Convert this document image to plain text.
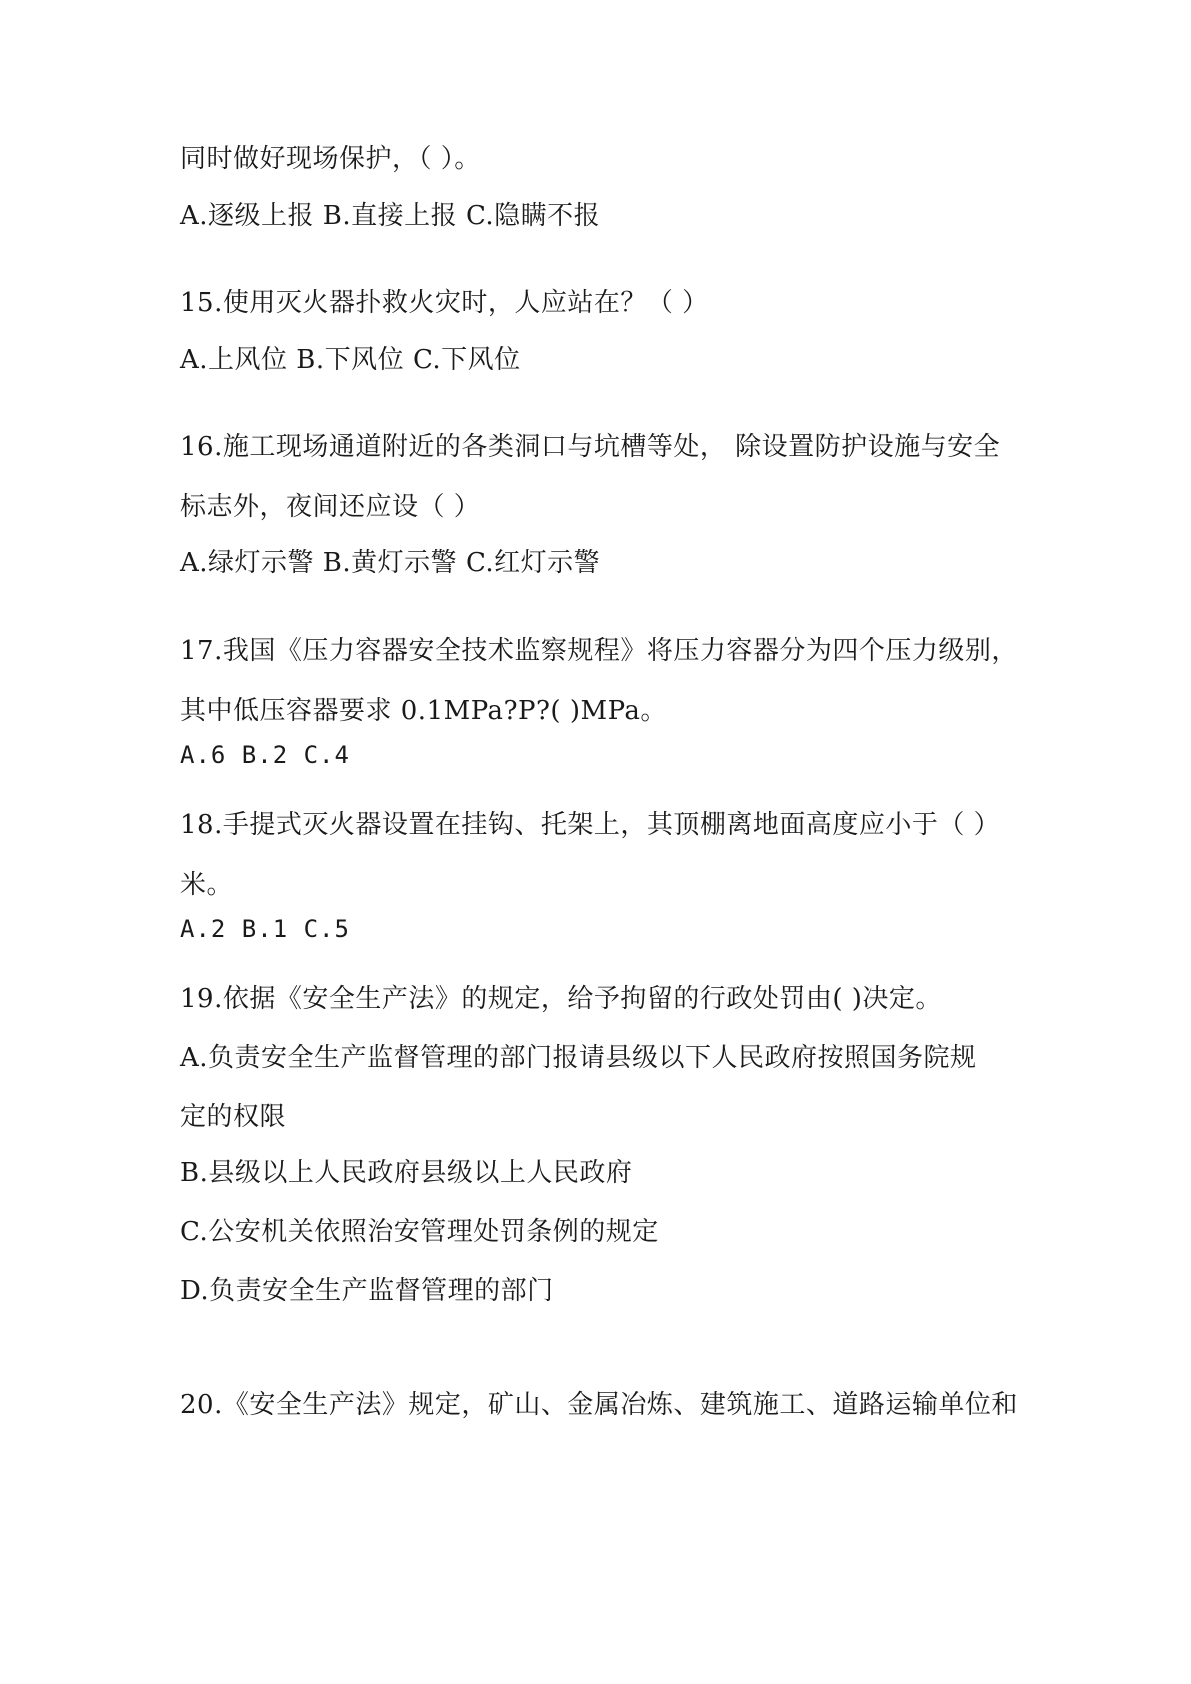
同时做好现场保护，（ ）。
A.逐级上报 B.直接上报 C.隐瞒不报
15.使用灭火器扑救火灾时，人应站在？（ ）
A.上风位 B.下风位 C.下风位
16.施工现场通道附近的各类洞口与坑槽等处， 除设置防护设施与安全
标志外，夜间还应设（ ）
A.绿灯示警 B.黄灯示警 C.红灯示警
17.我国《压力容器安全技术监察规程》将压力容器分为四个压力级别，
其中低压容器要求 0.1MPa?P?( )MPa。
A.6 B.2 C.4
18.手提式灭火器设置在挂钩、托架上，其顶棚离地面高度应小于（ ）
米。
A.2 B.1 C.5
19.依据《安全生产法》的规定，给予拘留的行政处罚由( )决定。
A.负责安全生产监督管理的部门报请县级以下人民政府按照国务院规
定的权限
B.县级以上人民政府县级以上人民政府
C.公安机关依照治安管理处罚条例的规定
D.负责安全生产监督管理的部门
20.《安全生产法》规定，矿山、金属冶炼、建筑施工、道路运输单位和
